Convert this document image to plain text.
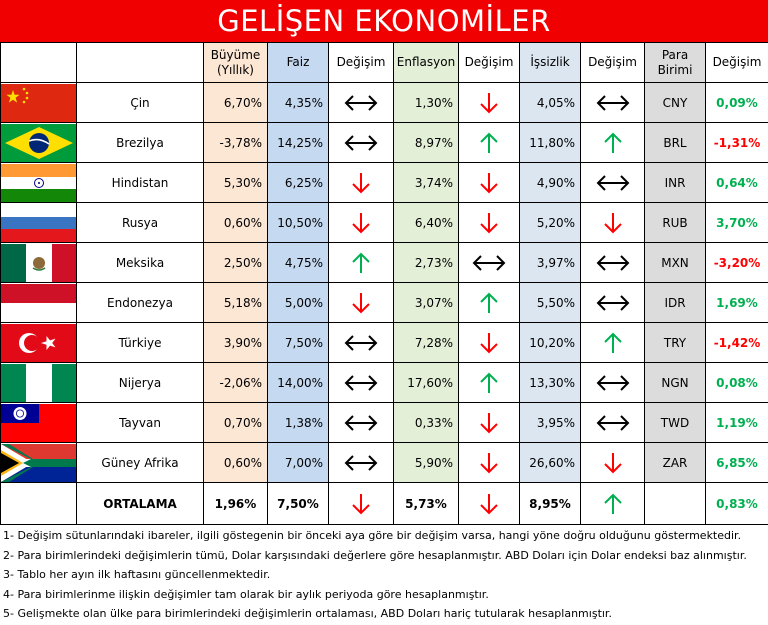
GELİŞEN EKONOMİLER
		Büyüme
(Yıllık)	Faiz	Değişim	Enflasyon	Değişim	İşsizlik	Değişim	Para
Birimi	Değişim

	Çin	6,70%	4,35%		1,30%		4,05%		CNY	0,09%

	Brezilya	-3,78%	14,25%		8,97%		11,80%		BRL	-1,31%

	Hindistan	5,30%	6,25%		3,74%		4,90%		INR	0,64%

	Rusya	0,60%	10,50%		6,40%		5,20%		RUB	3,70%

	Meksika	2,50%	4,75%		2,73%		3,97%		MXN	-3,20%

	Endonezya	5,18%	5,00%		3,07%		5,50%		IDR	1,69%

	Türkiye	3,90%	7,50%		7,28%		10,20%		TRY	-1,42%

	Nijerya	-2,06%	14,00%		17,60%		13,30%		NGN	0,08%

	Tayvan	0,70%	1,38%		0,33%		3,95%		TWD	1,19%

	Güney Afrika	0,60%	7,00%		5,90%		26,60%		ZAR	6,85%
	ORTALAMA	1,96%	7,50%		5,73%		8,95%			0,83%
1- Değişim sütunlarındaki ibareler, ilgili göstegenin bir önceki aya göre bir değişim varsa, hangi yöne doğru olduğunu göstermektedir.
2- Para birimlerindeki değişimlerin tümü, Dolar karşısındaki değerlere göre hesaplanmıştır. ABD Doları için Dolar endeksi baz alınmıştır.
3- Tablo her ayın ilk haftasını güncellenmektedir.
4- Para birimlerinme ilişkin değişimler tam olarak bir aylık periyoda göre hesaplanmıştır.
5- Gelişmekte olan ülke para birimlerindeki değişimlerin ortalaması, ABD Doları hariç tutularak hesaplanmıştır.
